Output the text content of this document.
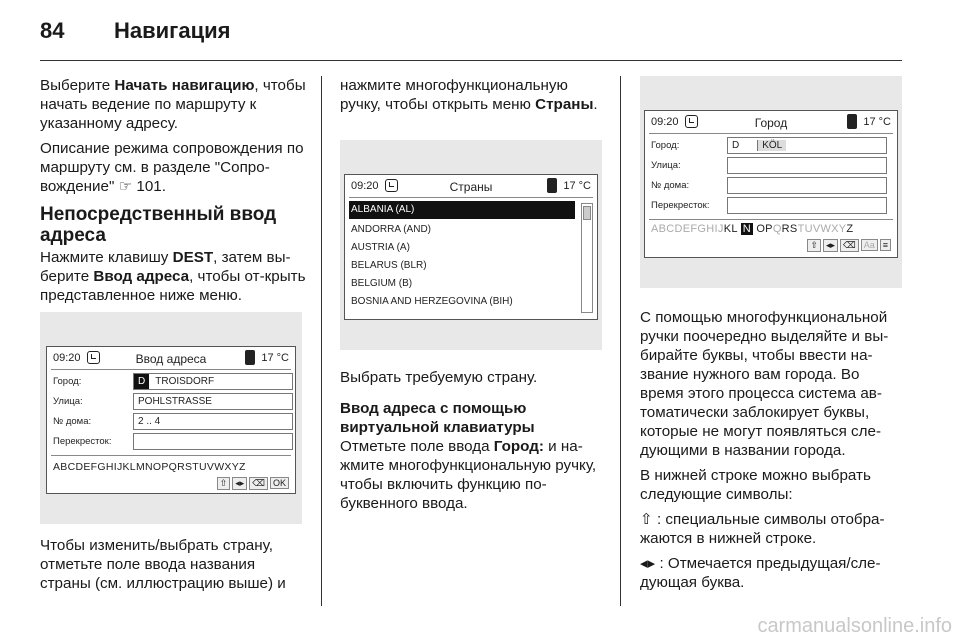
84 Навигация

Выберите Начать навигацию, чтобы начать ведение по маршруту к указанному адресу.

Описание режима сопровождения по маршруту см. в разделе "Сопро-вождение" ☞ 101.

Непосредственный ввод адреса

Нажмите клавишу DEST, затем вы-берите Ввод адреса, чтобы от-крыть представленное ниже меню.

09:20	Ввод адреса	17 °C
Город:	D TROISDORF
Улица:	POHLSTRASSE
№ дома:	2 .. 4
Перекресток:
ABCDEFGHIJKLMNOPQRSTUVWXYZ
⇧ ◂▸ ⌫ OK

Чтобы изменить/выбрать страну, отметьте поле ввода названия страны (см. иллюстрацию выше) и

нажмите многофункциональную ручку, чтобы открыть меню Страны.

09:20	Страны	17 °C
ALBANIA (AL)
ANDORRA (AND)
AUSTRIA (A)
BELARUS (BLR)
BELGIUM (B)
BOSNIA AND HERZEGOVINA (BIH)

Выбрать требуемую страну.

Ввод адреса с помощью виртуальной клавиатуры

Отметьте поле ввода Город: и на-жмите многофункциональную ручку, чтобы включить функцию по-буквенного ввода.

09:20	Город	17 °C
Город:	D KÖL
Улица:
№ дома:
Перекресток:
ABCDEFGHIJKL N OPQRSTUVWXYZ
⇧ ◂▸ ⌫ Aa ≡

С помощью многофункциональной ручки поочередно выделяйте и вы-бирайте буквы, чтобы ввести на-звание нужного вам города. Во время этого процесса система ав-томатически заблокирует буквы, которые не могут появляться сле-дующими в названии города.

В нижней строке можно выбрать следующие символы:

⇧ : специальные символы отобра-жаются в нижней строке.

◂▸ : Отмечается предыдущая/сле-дующая буква.

carmanualsonline.info
